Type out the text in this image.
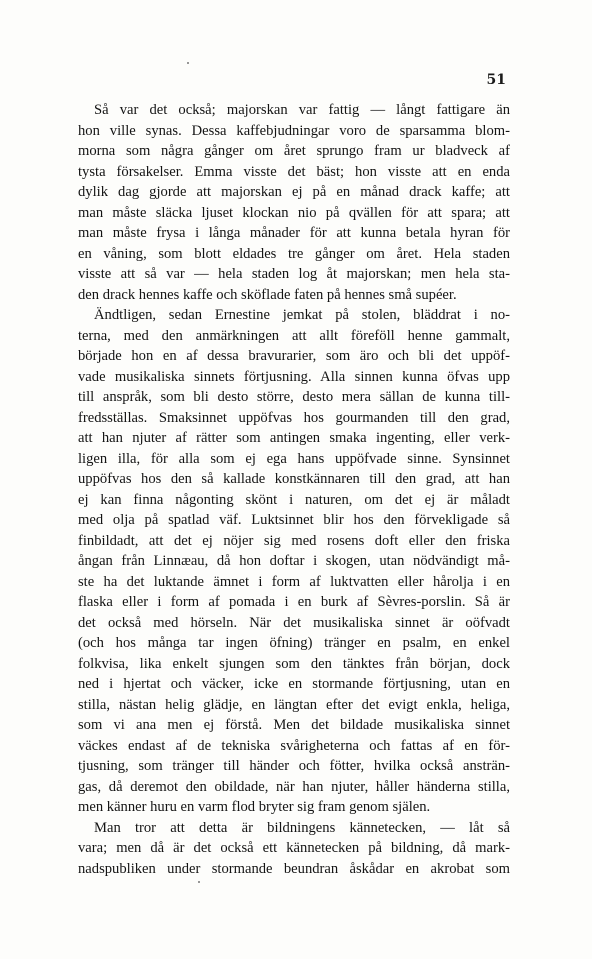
51
Så var det också; majorskan var fattig — långt fattigare än
hon ville synas. Dessa kaffebjudningar voro de sparsamma blom-
morna som några gånger om året sprungo fram ur bladveck af
tysta försakelser. Emma visste det bäst; hon visste att en enda
dylik dag gjorde att majorskan ej på en månad drack kaffe; att
man måste släcka ljuset klockan nio på qvällen för att spara; att
man måste frysa i långa månader för att kunna betala hyran för
en våning, som blott eldades tre gånger om året. Hela staden
visste att så var — hela staden log åt majorskan; men hela sta-
den drack hennes kaffe och sköflade faten på hennes små supéer.
Ändtligen, sedan Ernestine jemkat på stolen, bläddrat i no-
terna, med den anmärkningen att allt föreföll henne gammalt,
började hon en af dessa bravurarier, som äro och bli det uppöf-
vade musikaliska sinnets förtjusning. Alla sinnen kunna öfvas upp
till anspråk, som bli desto större, desto mera sällan de kunna till-
fredsställas. Smaksinnet uppöfvas hos gourmanden till den grad,
att han njuter af rätter som antingen smaka ingenting, eller verk-
ligen illa, för alla som ej ega hans uppöfvade sinne. Synsinnet
uppöfvas hos den så kallade konstkännaren till den grad, att han
ej kan finna någonting skönt i naturen, om det ej är måladt
med olja på spatlad väf. Luktsinnet blir hos den förvekligade så
finbildadt, att det ej nöjer sig med rosens doft eller den friska
ångan från Linnæau, då hon doftar i skogen, utan nödvändigt må-
ste ha det luktande ämnet i form af luktvatten eller hårolja i en
flaska eller i form af pomada i en burk af Sèvres-porslin. Så är
det också med hörseln. När det musikaliska sinnet är oöfvadt
(och hos många tar ingen öfning) tränger en psalm, en enkel
folkvisa, lika enkelt sjungen som den tänktes från början, dock
ned i hjertat och väcker, icke en stormande förtjusning, utan en
stilla, nästan helig glädje, en längtan efter det evigt enkla, heliga,
som vi ana men ej förstå. Men det bildade musikaliska sinnet
väckes endast af de tekniska svårigheterna och fattas af en för-
tjusning, som tränger till händer och fötter, hvilka också ansträn-
gas, då deremot den obildade, när han njuter, håller händerna stilla,
men känner huru en varm flod bryter sig fram genom själen.
Man tror att detta är bildningens kännetecken, — låt så
vara; men då är det också ett kännetecken på bildning, då mark-
nadspubliken under stormande beundran åskådar en akrobat som
